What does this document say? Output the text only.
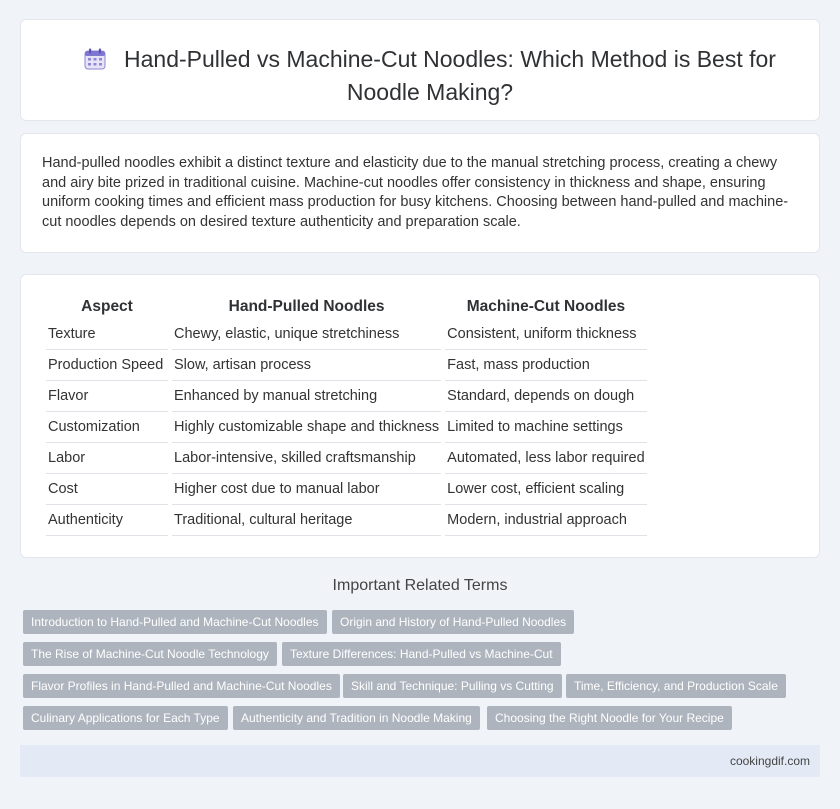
Hand-Pulled vs Machine-Cut Noodles: Which Method is Best for Noodle Making?
Hand-pulled noodles exhibit a distinct texture and elasticity due to the manual stretching process, creating a chewy and airy bite prized in traditional cuisine. Machine-cut noodles offer consistency in thickness and shape, ensuring uniform cooking times and efficient mass production for busy kitchens. Choosing between hand-pulled and machine-cut noodles depends on desired texture authenticity and preparation scale.
Aspect	Hand-Pulled Noodles	Machine-Cut Noodles
Texture	Chewy, elastic, unique stretchiness	Consistent, uniform thickness
Production Speed	Slow, artisan process	Fast, mass production
Flavor	Enhanced by manual stretching	Standard, depends on dough
Customization	Highly customizable shape and thickness	Limited to machine settings
Labor	Labor-intensive, skilled craftsmanship	Automated, less labor required
Cost	Higher cost due to manual labor	Lower cost, efficient scaling
Authenticity	Traditional, cultural heritage	Modern, industrial approach
Important Related Terms
Introduction to Hand-Pulled and Machine-Cut Noodles	Origin and History of Hand-Pulled Noodles
The Rise of Machine-Cut Noodle Technology	Texture Differences: Hand-Pulled vs Machine-Cut
Flavor Profiles in Hand-Pulled and Machine-Cut Noodles	Skill and Technique: Pulling vs Cutting	Time, Efficiency, and Production Scale
Culinary Applications for Each Type	Authenticity and Tradition in Noodle Making	Choosing the Right Noodle for Your Recipe
cookingdif.com
